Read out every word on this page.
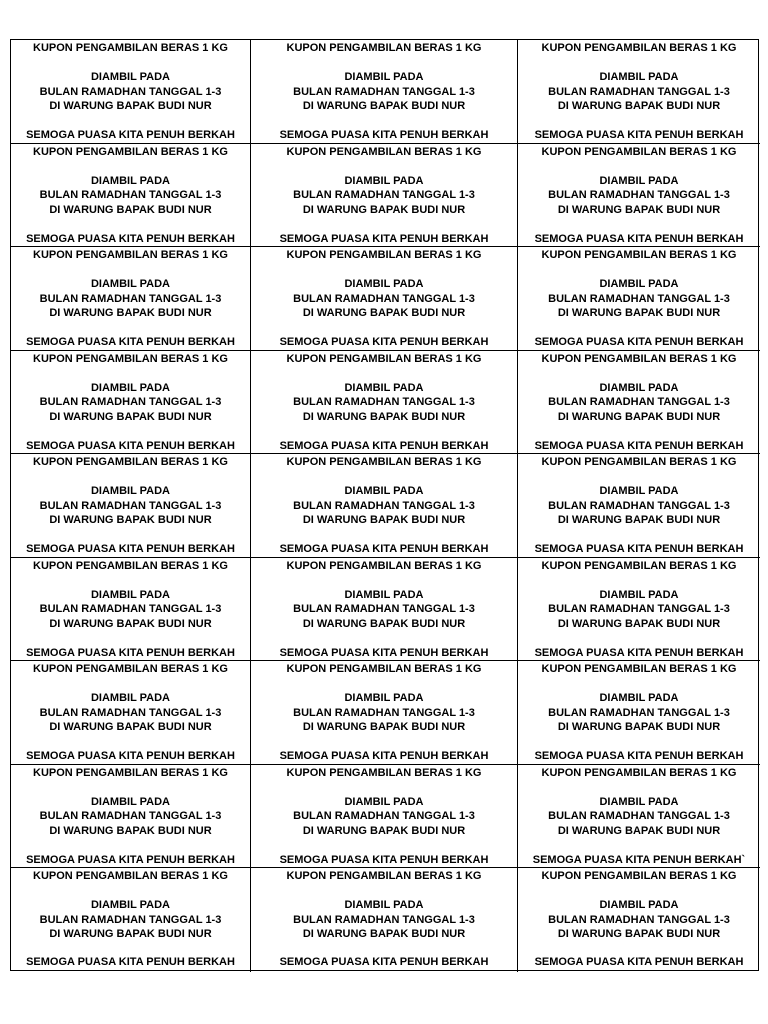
KUPON PENGAMBILAN BERAS 1 KG
DIAMBIL PADA
BULAN RAMADHAN TANGGAL 1-3
DI WARUNG BAPAK BUDI NUR
SEMOGA PUASA KITA PENUH BERKAH
KUPON PENGAMBILAN BERAS 1 KG
DIAMBIL PADA
BULAN RAMADHAN TANGGAL 1-3
DI WARUNG BAPAK BUDI NUR
SEMOGA PUASA KITA PENUH BERKAH
KUPON PENGAMBILAN BERAS 1 KG
DIAMBIL PADA
BULAN RAMADHAN TANGGAL 1-3
DI WARUNG BAPAK BUDI NUR
SEMOGA PUASA KITA PENUH BERKAH
KUPON PENGAMBILAN BERAS 1 KG
DIAMBIL PADA
BULAN RAMADHAN TANGGAL 1-3
DI WARUNG BAPAK BUDI NUR
SEMOGA PUASA KITA PENUH BERKAH
KUPON PENGAMBILAN BERAS 1 KG
DIAMBIL PADA
BULAN RAMADHAN TANGGAL 1-3
DI WARUNG BAPAK BUDI NUR
SEMOGA PUASA KITA PENUH BERKAH
KUPON PENGAMBILAN BERAS 1 KG
DIAMBIL PADA
BULAN RAMADHAN TANGGAL 1-3
DI WARUNG BAPAK BUDI NUR
SEMOGA PUASA KITA PENUH BERKAH
KUPON PENGAMBILAN BERAS 1 KG
DIAMBIL PADA
BULAN RAMADHAN TANGGAL 1-3
DI WARUNG BAPAK BUDI NUR
SEMOGA PUASA KITA PENUH BERKAH
KUPON PENGAMBILAN BERAS 1 KG
DIAMBIL PADA
BULAN RAMADHAN TANGGAL 1-3
DI WARUNG BAPAK BUDI NUR
SEMOGA PUASA KITA PENUH BERKAH
KUPON PENGAMBILAN BERAS 1 KG
DIAMBIL PADA
BULAN RAMADHAN TANGGAL 1-3
DI WARUNG BAPAK BUDI NUR
SEMOGA PUASA KITA PENUH BERKAH
KUPON PENGAMBILAN BERAS 1 KG
DIAMBIL PADA
BULAN RAMADHAN TANGGAL 1-3
DI WARUNG BAPAK BUDI NUR
SEMOGA PUASA KITA PENUH BERKAH
KUPON PENGAMBILAN BERAS 1 KG
DIAMBIL PADA
BULAN RAMADHAN TANGGAL 1-3
DI WARUNG BAPAK BUDI NUR
SEMOGA PUASA KITA PENUH BERKAH
KUPON PENGAMBILAN BERAS 1 KG
DIAMBIL PADA
BULAN RAMADHAN TANGGAL 1-3
DI WARUNG BAPAK BUDI NUR
SEMOGA PUASA KITA PENUH BERKAH
KUPON PENGAMBILAN BERAS 1 KG
DIAMBIL PADA
BULAN RAMADHAN TANGGAL 1-3
DI WARUNG BAPAK BUDI NUR
SEMOGA PUASA KITA PENUH BERKAH
KUPON PENGAMBILAN BERAS 1 KG
DIAMBIL PADA
BULAN RAMADHAN TANGGAL 1-3
DI WARUNG BAPAK BUDI NUR
SEMOGA PUASA KITA PENUH BERKAH
KUPON PENGAMBILAN BERAS 1 KG
DIAMBIL PADA
BULAN RAMADHAN TANGGAL 1-3
DI WARUNG BAPAK BUDI NUR
SEMOGA PUASA KITA PENUH BERKAH
KUPON PENGAMBILAN BERAS 1 KG
DIAMBIL PADA
BULAN RAMADHAN TANGGAL 1-3
DI WARUNG BAPAK BUDI NUR
SEMOGA PUASA KITA PENUH BERKAH
KUPON PENGAMBILAN BERAS 1 KG
DIAMBIL PADA
BULAN RAMADHAN TANGGAL 1-3
DI WARUNG BAPAK BUDI NUR
SEMOGA PUASA KITA PENUH BERKAH
KUPON PENGAMBILAN BERAS 1 KG
DIAMBIL PADA
BULAN RAMADHAN TANGGAL 1-3
DI WARUNG BAPAK BUDI NUR
SEMOGA PUASA KITA PENUH BERKAH
KUPON PENGAMBILAN BERAS 1 KG
DIAMBIL PADA
BULAN RAMADHAN TANGGAL 1-3
DI WARUNG BAPAK BUDI NUR
SEMOGA PUASA KITA PENUH BERKAH
KUPON PENGAMBILAN BERAS 1 KG
DIAMBIL PADA
BULAN RAMADHAN TANGGAL 1-3
DI WARUNG BAPAK BUDI NUR
SEMOGA PUASA KITA PENUH BERKAH
KUPON PENGAMBILAN BERAS 1 KG
DIAMBIL PADA
BULAN RAMADHAN TANGGAL 1-3
DI WARUNG BAPAK BUDI NUR
SEMOGA PUASA KITA PENUH BERKAH
KUPON PENGAMBILAN BERAS 1 KG
DIAMBIL PADA
BULAN RAMADHAN TANGGAL 1-3
DI WARUNG BAPAK BUDI NUR
SEMOGA PUASA KITA PENUH BERKAH
KUPON PENGAMBILAN BERAS 1 KG
DIAMBIL PADA
BULAN RAMADHAN TANGGAL 1-3
DI WARUNG BAPAK BUDI NUR
SEMOGA PUASA KITA PENUH BERKAH
KUPON PENGAMBILAN BERAS 1 KG
DIAMBIL PADA
BULAN RAMADHAN TANGGAL 1-3
DI WARUNG BAPAK BUDI NUR
SEMOGA PUASA KITA PENUH BERKAH`
KUPON PENGAMBILAN BERAS 1 KG
DIAMBIL PADA
BULAN RAMADHAN TANGGAL 1-3
DI WARUNG BAPAK BUDI NUR
SEMOGA PUASA KITA PENUH BERKAH
KUPON PENGAMBILAN BERAS 1 KG
DIAMBIL PADA
BULAN RAMADHAN TANGGAL 1-3
DI WARUNG BAPAK BUDI NUR
SEMOGA PUASA KITA PENUH BERKAH
KUPON PENGAMBILAN BERAS 1 KG
DIAMBIL PADA
BULAN RAMADHAN TANGGAL 1-3
DI WARUNG BAPAK BUDI NUR
SEMOGA PUASA KITA PENUH BERKAH
